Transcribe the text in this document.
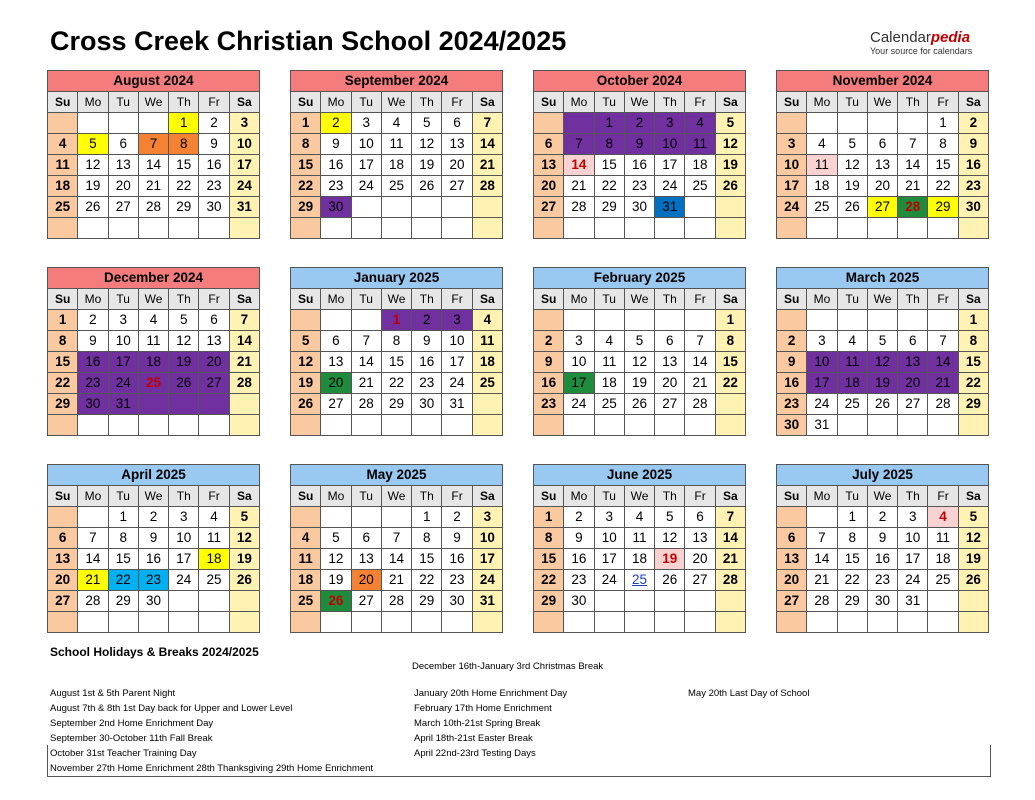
Cross Creek Christian School 2024/2025	Calendarpedia
Your source for calendars
August 2024						
Su	Mo	Tu	We	Th	Fr	Sa
				1	2	3
4	5	6	7	8	9	10
11	12	13	14	15	16	17
18	19	20	21	22	23	24
25	26	27	28	29	30	31

September 2024						
Su	Mo	Tu	We	Th	Fr	Sa
1	2	3	4	5	6	7
8	9	10	11	12	13	14
15	16	17	18	19	20	21
22	23	24	25	26	27	28
29	30					

October 2024						
Su	Mo	Tu	We	Th	Fr	Sa
		1	2	3	4	5
6	7	8	9	10	11	12
13	14	15	16	17	18	19
20	21	22	23	24	25	26
27	28	29	30	31		

November 2024						
Su	Mo	Tu	We	Th	Fr	Sa
					1	2
3	4	5	6	7	8	9
10	11	12	13	14	15	16
17	18	19	20	21	22	23
24	25	26	27	28	29	30

December 2024						
Su	Mo	Tu	We	Th	Fr	Sa
1	2	3	4	5	6	7
8	9	10	11	12	13	14
15	16	17	18	19	20	21
22	23	24	25	26	27	28
29	30	31				

January 2025						
Su	Mo	Tu	We	Th	Fr	Sa
			1	2	3	4
5	6	7	8	9	10	11
12	13	14	15	16	17	18
19	20	21	22	23	24	25
26	27	28	29	30	31	

February 2025						
Su	Mo	Tu	We	Th	Fr	Sa
						1
2	3	4	5	6	7	8
9	10	11	12	13	14	15
16	17	18	19	20	21	22
23	24	25	26	27	28	

March 2025						
Su	Mo	Tu	We	Th	Fr	Sa
						1
2	3	4	5	6	7	8
9	10	11	12	13	14	15
16	17	18	19	20	21	22
23	24	25	26	27	28	29
30	31					
April 2025						
Su	Mo	Tu	We	Th	Fr	Sa
		1	2	3	4	5
6	7	8	9	10	11	12
13	14	15	16	17	18	19
20	21	22	23	24	25	26
27	28	29	30			

May 2025						
Su	Mo	Tu	We	Th	Fr	Sa
				1	2	3
4	5	6	7	8	9	10
11	12	13	14	15	16	17
18	19	20	21	22	23	24
25	26	27	28	29	30	31

June 2025						
Su	Mo	Tu	We	Th	Fr	Sa
1	2	3	4	5	6	7
8	9	10	11	12	13	14
15	16	17	18	19	20	21
22	23	24	25	26	27	28
29	30					

July 2025						
Su	Mo	Tu	We	Th	Fr	Sa
		1	2	3	4	5
6	7	8	9	10	11	12
13	14	15	16	17	18	19
20	21	22	23	24	25	26
27	28	29	30	31		

School Holidays & Breaks 2024/2025
December 16th-January 3rd Christmas Break
August 1st & 5th Parent Night	January 20th Home Enrichment Day	May 20th Last Day of School
August 7th & 8th 1st Day back for Upper and Lower Level	February 17th Home Enrichment
September 2nd Home Enrichment Day	March 10th-21st Spring Break
September 30-October 11th Fall Break	April 18th-21st Easter Break
October 31st Teacher Training Day	April 22nd-23rd Testing Days
November 27th Home Enrichment 28th Thanksgiving 29th Home Enrichment
